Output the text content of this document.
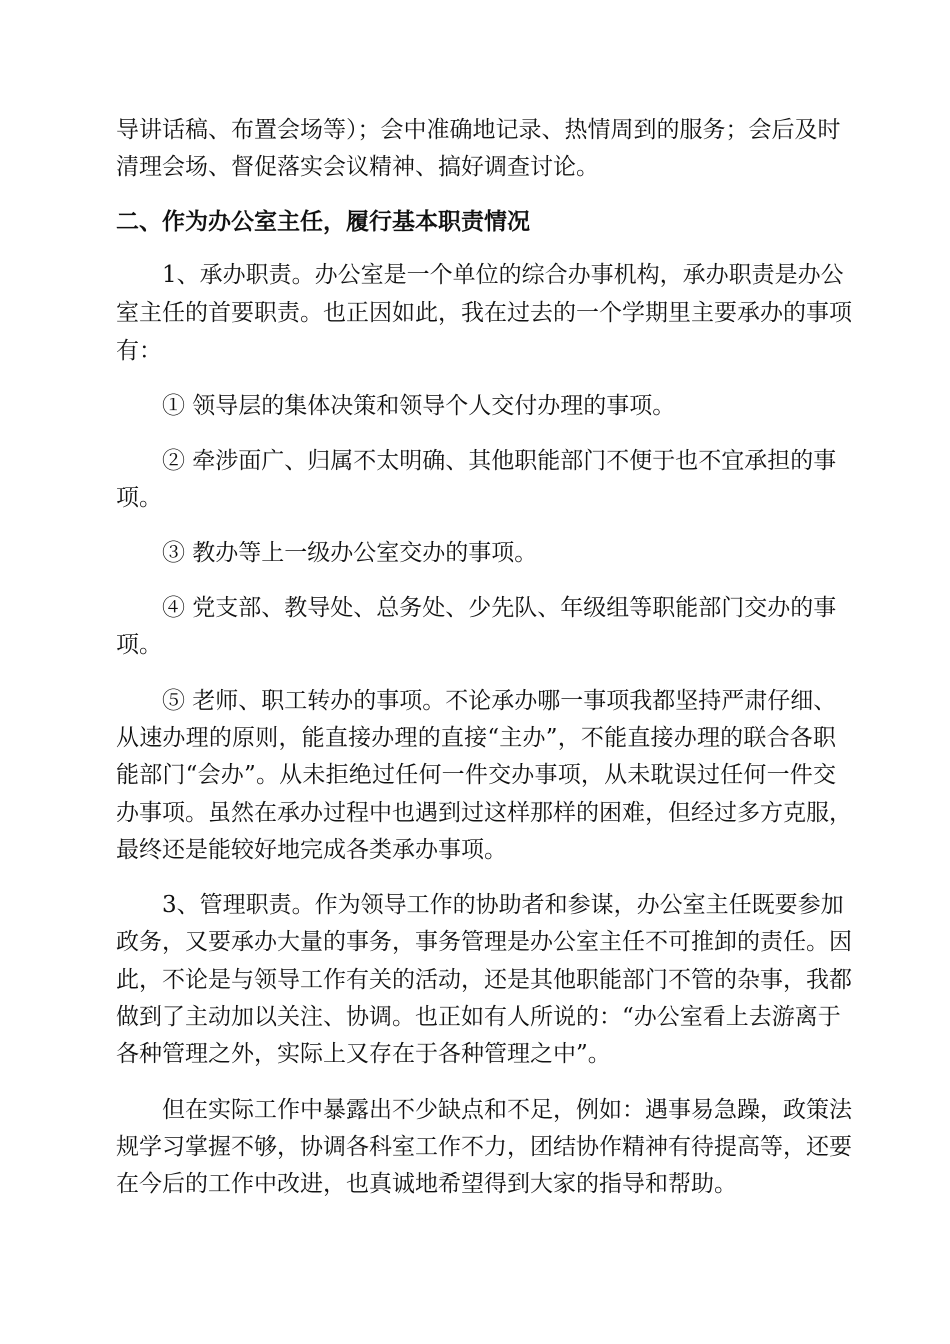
导讲话稿、布置会场等）；会中准确地记录、热情周到的服务；会后及时
清理会场、督促落实会议精神、搞好调查讨论。
二、作为办公室主任，履行基本职责情况
1、承办职责。办公室是一个单位的综合办事机构，承办职责是办公
室主任的首要职责。也正因如此，我在过去的一个学期里主要承办的事项
有：
① 领导层的集体决策和领导个人交付办理的事项。
② 牵涉面广、归属不太明确、其他职能部门不便于也不宜承担的事
项。
③ 教办等上一级办公室交办的事项。
④ 党支部、教导处、总务处、少先队、年级组等职能部门交办的事
项。
⑤ 老师、职工转办的事项。不论承办哪一事项我都坚持严肃仔细、
从速办理的原则，能直接办理的直接“主办”，不能直接办理的联合各职
能部门“会办”。从未拒绝过任何一件交办事项，从未耽误过任何一件交
办事项。虽然在承办过程中也遇到过这样那样的困难，但经过多方克服，
最终还是能较好地完成各类承办事项。
3、管理职责。作为领导工作的协助者和参谋，办公室主任既要参加
政务，又要承办大量的事务，事务管理是办公室主任不可推卸的责任。因
此，不论是与领导工作有关的活动，还是其他职能部门不管的杂事，我都
做到了主动加以关注、协调。也正如有人所说的：“办公室看上去游离于
各种管理之外，实际上又存在于各种管理之中”。
但在实际工作中暴露出不少缺点和不足，例如：遇事易急躁，政策法
规学习掌握不够，协调各科室工作不力，团结协作精神有待提高等，还要
在今后的工作中改进，也真诚地希望得到大家的指导和帮助。
